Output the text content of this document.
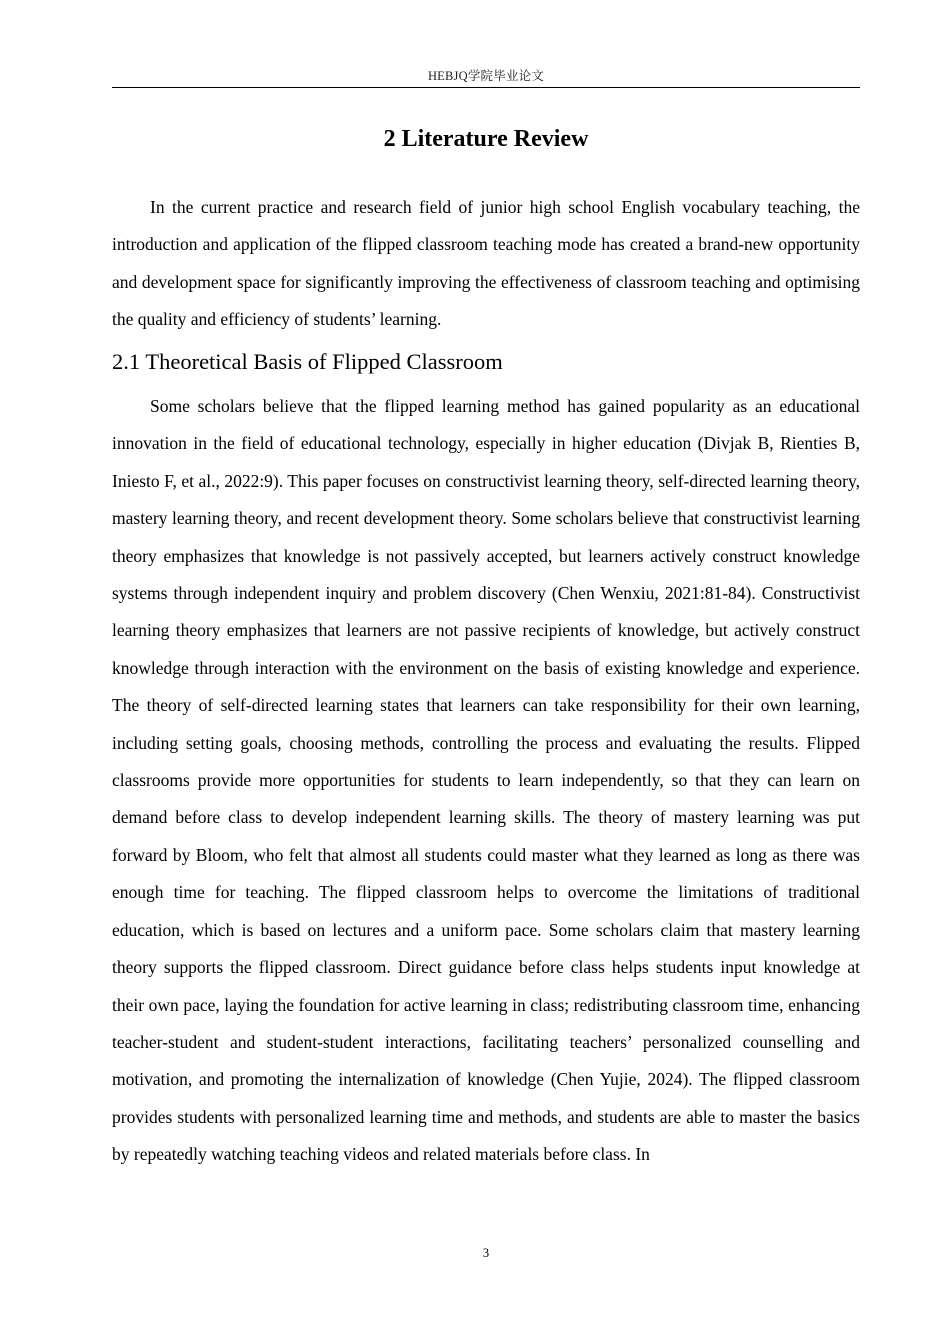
HEBJQ学院毕业论文
2 Literature Review

In the current practice and research field of junior high school English vocabulary teaching, the introduction and application of the flipped classroom teaching mode has created a brand-new opportunity and development space for significantly improving the effectiveness of classroom teaching and optimising the quality and efficiency of students’ learning.

2.1 Theoretical Basis of Flipped Classroom

Some scholars believe that the flipped learning method has gained popularity as an educational innovation in the field of educational technology, especially in higher education (Divjak B, Rienties B, Iniesto F, et al., 2022:9). This paper focuses on constructivist learning theory, self-directed learning theory, mastery learning theory, and recent development theory. Some scholars believe that constructivist learning theory emphasizes that knowledge is not passively accepted, but learners actively construct knowledge systems through independent inquiry and problem discovery (Chen Wenxiu, 2021:81-84). Constructivist learning theory emphasizes that learners are not passive recipients of knowledge, but actively construct knowledge through interaction with the environment on the basis of existing knowledge and experience. The theory of self-directed learning states that learners can take responsibility for their own learning, including setting goals, choosing methods, controlling the process and evaluating the results. Flipped classrooms provide more opportunities for students to learn independently, so that they can learn on demand before class to develop independent learning skills. The theory of mastery learning was put forward by Bloom, who felt that almost all students could master what they learned as long as there was enough time for teaching. The flipped classroom helps to overcome the limitations of traditional education, which is based on lectures and a uniform pace. Some scholars claim that mastery learning theory supports the flipped classroom. Direct guidance before class helps students input knowledge at their own pace, laying the foundation for active learning in class; redistributing classroom time, enhancing teacher-student and student-student interactions, facilitating teachers’ personalized counselling and motivation, and promoting the internalization of knowledge (Chen Yujie, 2024). The flipped classroom provides students with personalized learning time and methods, and students are able to master the basics by repeatedly watching teaching videos and related materials before class. In

3
